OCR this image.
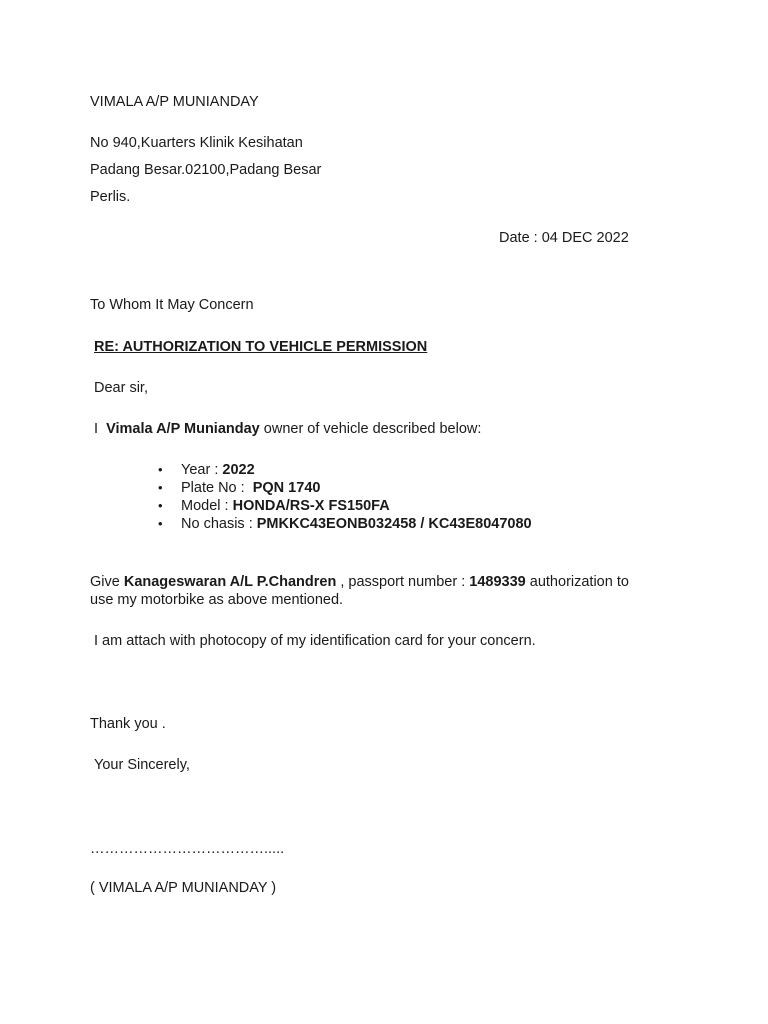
VIMALA A/P MUNIANDAY
No 940,Kuarters Klinik Kesihatan
Padang Besar.02100,Padang Besar
Perlis.
Date : 04 DEC 2022
To Whom It May Concern
RE: AUTHORIZATION TO VEHICLE PERMISSION
Dear sir,
I  Vimala A/P Munianday owner of vehicle described below:
• Year : 2022
• Plate No :  PQN 1740
• Model : HONDA/RS-X FS150FA
• No chasis : PMKKC43EONB032458 / KC43E8047080
Give Kanageswaran A/L P.Chandren , passport number : 1489339 authorization to
use my motorbike as above mentioned.
I am attach with photocopy of my identification card for your concern.
Thank you .
Your Sincerely,
……………………………….....
( VIMALA A/P MUNIANDAY )
